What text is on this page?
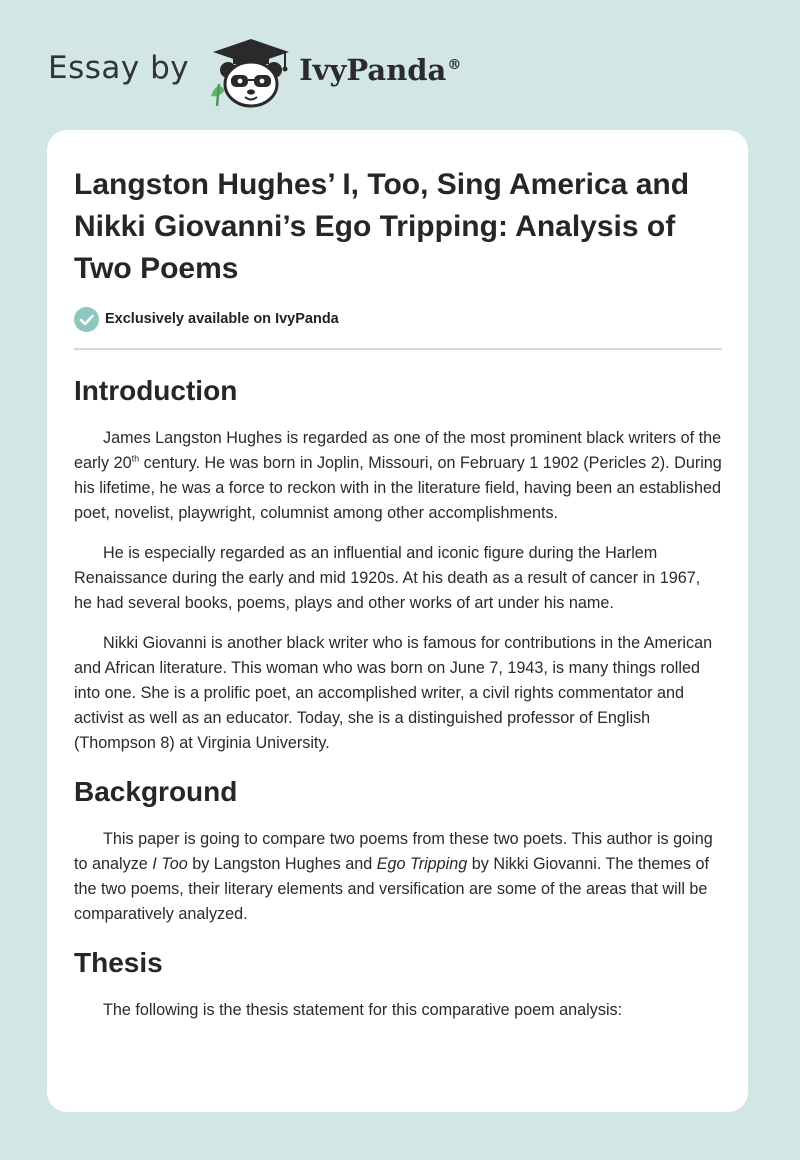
Essay by	IvyPanda®
Langston Hughes’ I, Too, Sing America and Nikki Giovanni’s Ego Tripping: Analysis of Two Poems
Exclusively available on IvyPanda
Introduction

James Langston Hughes is regarded as one of the most prominent black writers of the early 20th century. He was born in Joplin, Missouri, on February 1 1902 (Pericles 2). During his lifetime, he was a force to reckon with in the literature field, having been an established poet, novelist, playwright, columnist among other accomplishments.

He is especially regarded as an influential and iconic figure during the Harlem Renaissance during the early and mid 1920s. At his death as a result of cancer in 1967, he had several books, poems, plays and other works of art under his name.

Nikki Giovanni is another black writer who is famous for contributions in the American and African literature. This woman who was born on June 7, 1943, is many things rolled into one. She is a prolific poet, an accomplished writer, a civil rights commentator and activist as well as an educator. Today, she is a distinguished professor of English (Thompson 8) at Virginia University.

Background

This paper is going to compare two poems from these two poets. This author is going to analyze I Too by Langston Hughes and Ego Tripping by Nikki Giovanni. The themes of the two poems, their literary elements and versification are some of the areas that will be comparatively analyzed.

Thesis

The following is the thesis statement for this comparative poem analysis:
